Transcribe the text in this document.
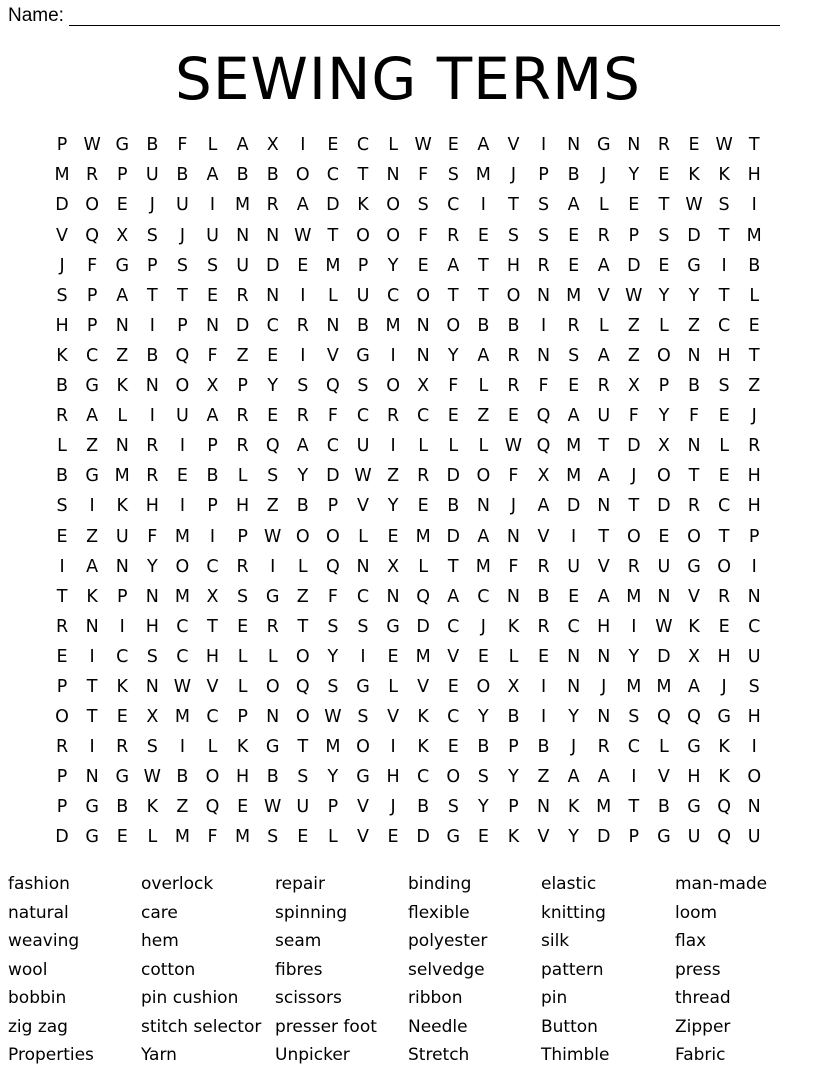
Name:
SEWING TERMS
P W G B	F	L	A	X	I	E	C	L W E	A	V	I	N G N R	E W T
M R	P	U	B	A	B	B O C	T	N	F	S M	J	P	B	J	Y	E	K	K	H
D O	E	J	U	I	M R	A D	K O	S	C	I	T	S	A	L	E	T W S	I
V Q X	S	J	U N N W T	O O	F	R	E	S	S	E	R	P	S	D	T M
J	F	G	P	S	S	U D	E M P	Y	E	A	T	H R	E	A D	E	G	I	B
S	P	A	T	T	E	R N	I	L	U	C O	T	T	O N M V W Y	Y	T	L
H	P	N	I	P	N D C	R N	B M N O B	B	I	R	L	Z	L	Z	C	E
K	C	Z	B Q	F	Z	E	I	V G	I	N	Y	A	R N	S	A	Z O N H	T
B G	K	N O X	P	Y	S	Q	S	O X	F	L	R	F	E	R	X	P	B	S	Z
R	A	L	I	U	A	R	E	R	F	C	R	C	E	Z	E	Q A	U	F	Y	F	E	J
L	Z	N R	I	P	R Q A	C	U	I	L	L	L W Q M T	D X	N	L	R
B G M R	E	B	L	S	Y	D W Z	R D O	F	X M A	J	O	T	E	H
S	I	K	H	I	P	H	Z	B	P	V	Y	E	B	N	J	A D N	T	D R	C H
E	Z	U	F	M	I	P W O O	L	E M D A	N	V	I	T	O	E	O	T	P
I	A	N	Y	O C	R	I	L	Q N	X	L	T M	F	R	U	V	R	U G O	I
T	K	P	N M X	S	G Z	F	C N Q A	C N	B	E	A M N	V	R N
R N	I	H C	T	E	R	T	S	S	G D C	J	K	R	C H	I	W K	E	C
E	I	C	S	C H	L	L	O	Y	I	E M V	E	L	E	N N	Y	D X	H U
P	T	K	N W V	L	O Q	S	G	L	V	E	O X	I	N	J	M M A	J	S
O	T	E	X M C	P	N O W S	V	K	C	Y	B	I	Y	N	S	Q Q G H
R	I	R	S	I	L	K	G	T M O	I	K	E	B	P	B	J	R	C	L	G	K	I
P	N G W B O H	B	S	Y	G H C O	S	Y	Z	A	A	I	V	H	K O
P	G B	K	Z Q	E W U	P	V	J	B	S	Y	P	N	K M T	B G Q N
D G	E	L	M	F	M S	E	L	V	E	D G	E	K	V	Y	D	P	G U Q U
fashion
natural
weaving
wool
bobbin
zig zag
Properties
overlock
care
hem
cotton
pin cushion
stitch selector
Yarn
repair
spinning
seam
fibres
scissors
presser foot
Unpicker
binding
flexible
polyester
selvedge
ribbon
Needle
Stretch
elastic
knitting
silk
pattern
pin
Button
Thimble
man-made
loom
flax
press
thread
Zipper
Fabric
